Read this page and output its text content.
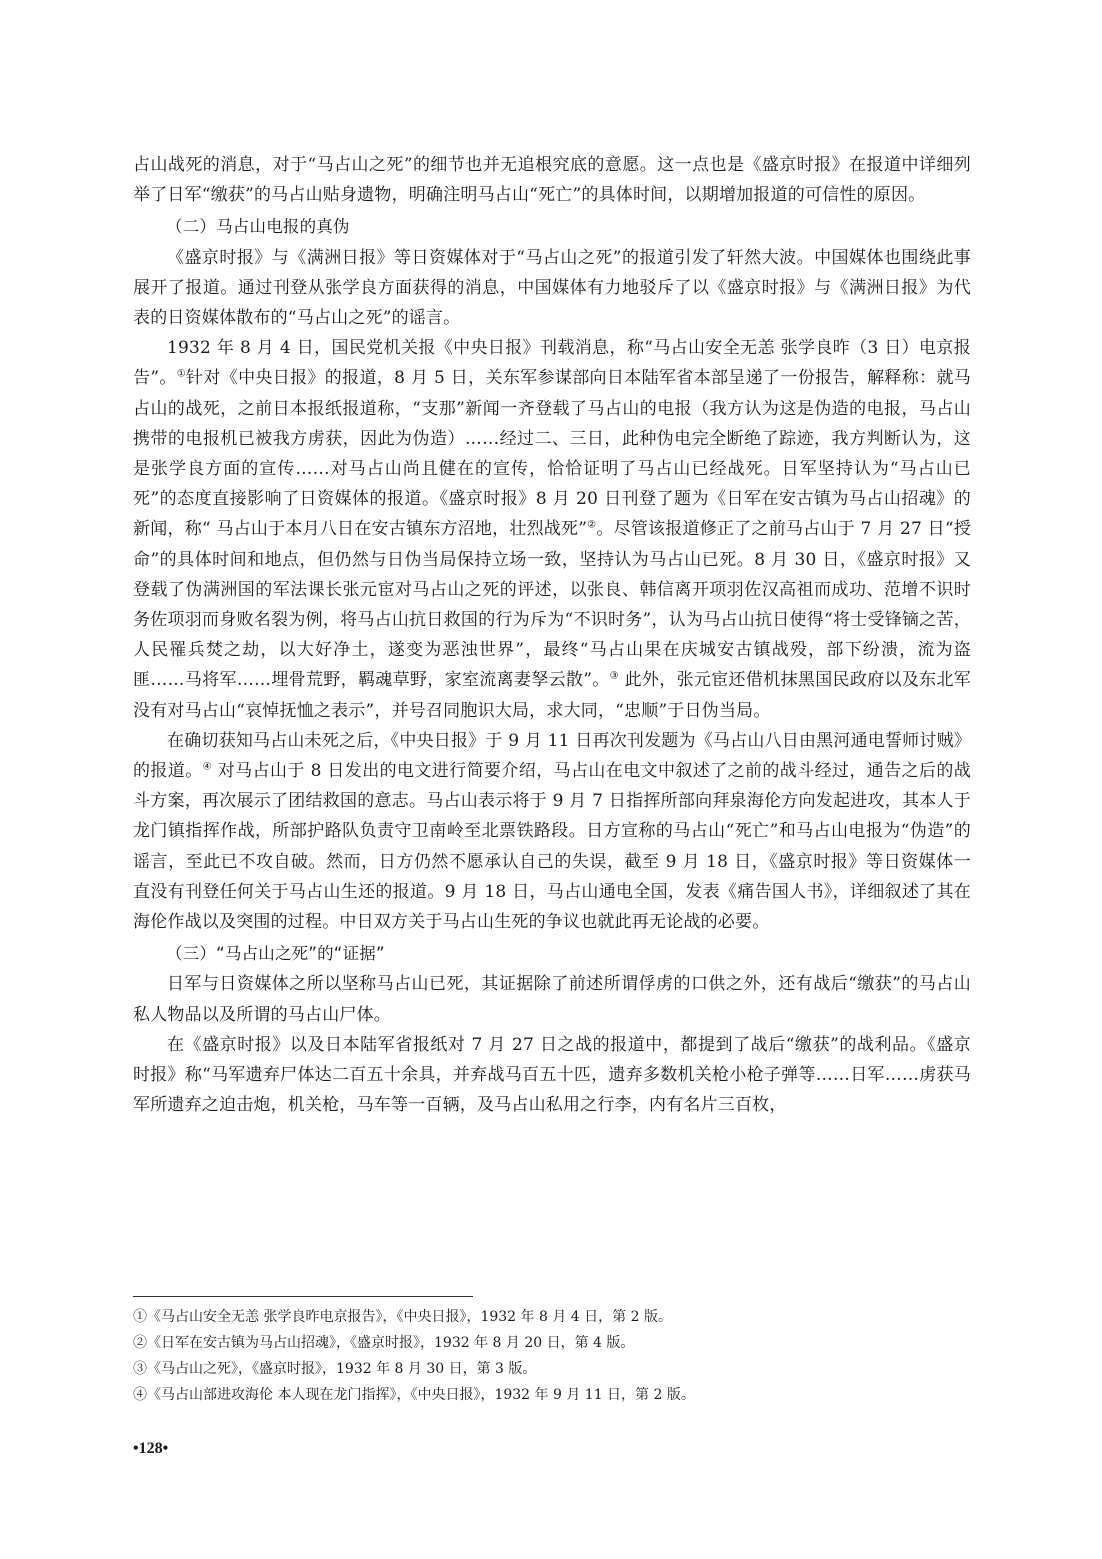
占山战死的消息，对于“马占山之死”的细节也并无追根究底的意愿。这一点也是《盛京时报》在报道中详细列举了日军“缴获”的马占山贴身遗物，明确注明马占山“死亡”的具体时间，以期增加报道的可信性的原因。

（二）马占山电报的真伪

《盛京时报》与《满洲日报》等日资媒体对于“马占山之死”的报道引发了轩然大波。中国媒体也围绕此事展开了报道。通过刊登从张学良方面获得的消息，中国媒体有力地驳斥了以《盛京时报》与《满洲日报》为代表的日资媒体散布的“马占山之死”的谣言。

1932 年 8 月 4 日，国民党机关报《中央日报》刊载消息，称“马占山安全无恙 张学良昨（3 日）电京报告”。①针对《中央日报》的报道，8 月 5 日，关东军参谋部向日本陆军省本部呈递了一份报告，解释称：就马占山的战死，之前日本报纸报道称，“支那”新闻一齐登载了马占山的电报（我方认为这是伪造的电报，马占山携带的电报机已被我方虏获，因此为伪造）……经过二、三日，此种伪电完全断绝了踪迹，我方判断认为，这是张学良方面的宣传……对马占山尚且健在的宣传，恰恰证明了马占山已经战死。日军坚持认为“马占山已死”的态度直接影响了日资媒体的报道。《盛京时报》8 月 20 日刊登了题为《日军在安古镇为马占山招魂》的新闻，称“ 马占山于本月八日在安古镇东方沼地，壮烈战死”②。尽管该报道修正了之前马占山于 7 月 27 日“授命”的具体时间和地点，但仍然与日伪当局保持立场一致，坚持认为马占山已死。8 月 30 日，《盛京时报》又登载了伪满洲国的军法课长张元宦对马占山之死的评述，以张良、韩信离开项羽佐汉高祖而成功、范增不识时务佐项羽而身败名裂为例，将马占山抗日救国的行为斥为“不识时务”，认为马占山抗日使得“将士受锋镝之苦，人民罹兵焚之劫，以大好净土，遂变为恶浊世界”，最终“马占山果在庆城安古镇战殁，部下纷溃，流为盗匪……马将军……埋骨荒野，羁魂草野，家室流离妻孥云散”。③ 此外，张元宦还借机抹黑国民政府以及东北军没有对马占山“哀悼抚恤之表示”，并号召同胞识大局，求大同，“忠顺”于日伪当局。

在确切获知马占山未死之后，《中央日报》于 9 月 11 日再次刊发题为《马占山八日由黑河通电誓师讨贼》的报道。④ 对马占山于 8 日发出的电文进行简要介绍，马占山在电文中叙述了之前的战斗经过，通告之后的战斗方案，再次展示了团结救国的意志。马占山表示将于 9 月 7 日指挥所部向拜泉海伦方向发起进攻，其本人于龙门镇指挥作战，所部护路队负责守卫南岭至北票铁路段。日方宣称的马占山“死亡”和马占山电报为“伪造”的谣言，至此已不攻自破。然而，日方仍然不愿承认自己的失误，截至 9 月 18 日，《盛京时报》等日资媒体一直没有刊登任何关于马占山生还的报道。9 月 18 日，马占山通电全国，发表《痛告国人书》，详细叙述了其在海伦作战以及突围的过程。中日双方关于马占山生死的争议也就此再无论战的必要。

（三）“马占山之死”的“证据”

日军与日资媒体之所以坚称马占山已死，其证据除了前述所谓俘虏的口供之外，还有战后“缴获”的马占山私人物品以及所谓的马占山尸体。

在《盛京时报》以及日本陆军省报纸对 7 月 27 日之战的报道中，都提到了战后“缴获”的战利品。《盛京时报》称“马军遗弃尸体达二百五十余具，并弃战马百五十匹，遗弃多数机关枪小枪子弹等……日军……虏获马军所遗弃之迫击炮，机关枪，马车等一百辆，及马占山私用之行李，内有名片三百枚，

①《马占山安全无恙 张学良昨电京报告》，《中央日报》，1932 年 8 月 4 日，第 2 版。
②《日军在安古镇为马占山招魂》，《盛京时报》，1932 年 8 月 20 日，第 4 版。
③《马占山之死》，《盛京时报》，1932 年 8 月 30 日，第 3 版。
④《马占山部进攻海伦 本人现在龙门指挥》，《中央日报》，1932 年 9 月 11 日，第 2 版。
•128•
